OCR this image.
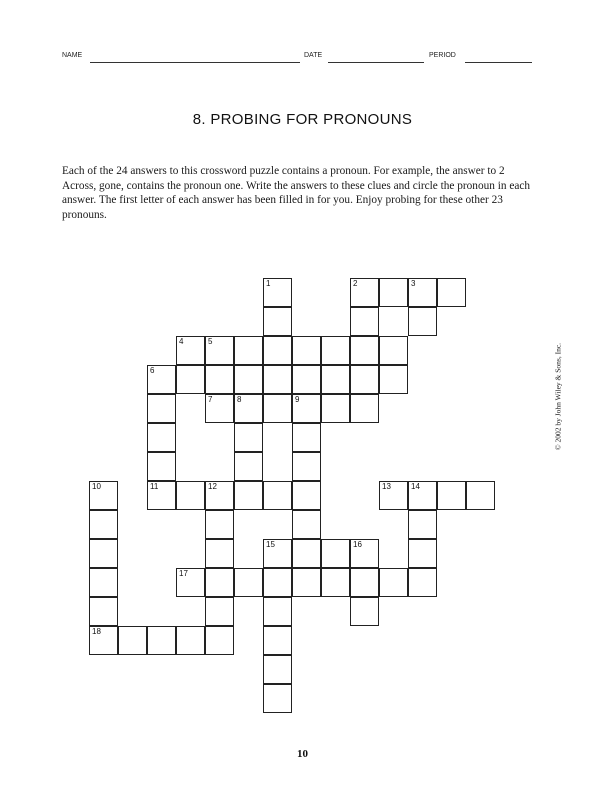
NAME	DATE	PERIOD
8. PROBING FOR PRONOUNS
Each of the 24 answers to this crossword puzzle contains a pronoun. For example, the answer to 2 Across, gone, contains the pronoun one. Write the answers to these clues and circle the pronoun in each answer. The first letter of each answer has been filled in for you. Enjoy probing for these other 23 pronouns.
© 2002 by John Wiley & Sons, Inc.
1	2	3
4	5
6
7	8	9
10	11	12	13	14
15	16
17
18
10
